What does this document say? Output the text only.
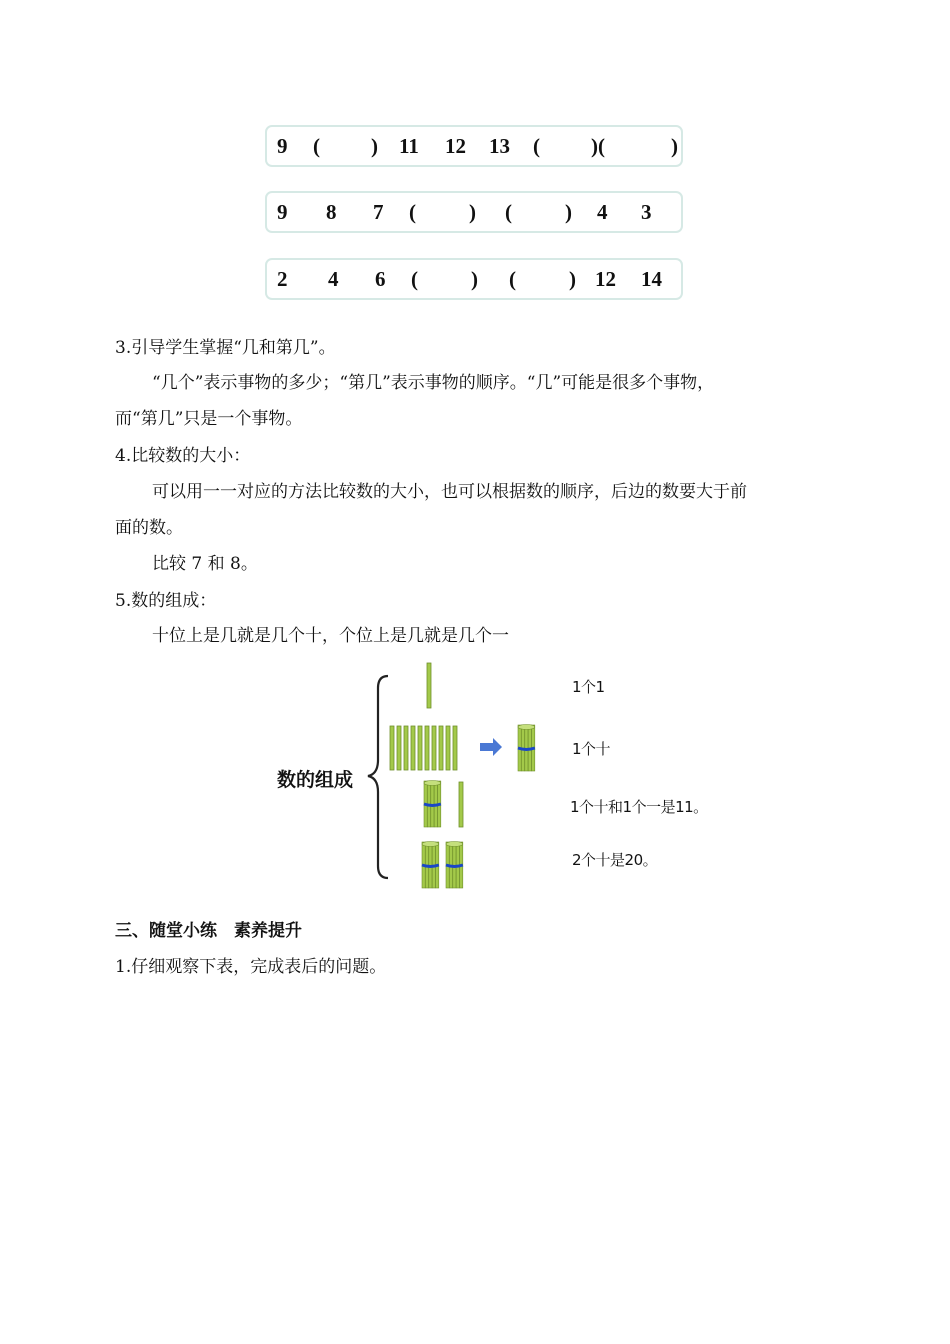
9 ( ) 11 12 13 ( )(	)
9 8 7 (	) (	) 4 3
2 4 6 (	) (	) 12 14
3.引导学生掌握“几和第几”。
“几个”表示事物的多少；“第几”表示事物的顺序。“几”可能是很多个事物，
而“第几”只是一个事物。
4.比较数的大小：
可以用一一对应的方法比较数的大小，也可以根据数的顺序，后边的数要大于前
面的数。
比较 7 和 8。
5.数的组成：
十位上是几就是几个十，个位上是几就是几个一
数的组成
1个1
1个十
1个十和1个一是11。
2个十是20。
三、随堂小练　素养提升
1.仔细观察下表，完成表后的问题。
